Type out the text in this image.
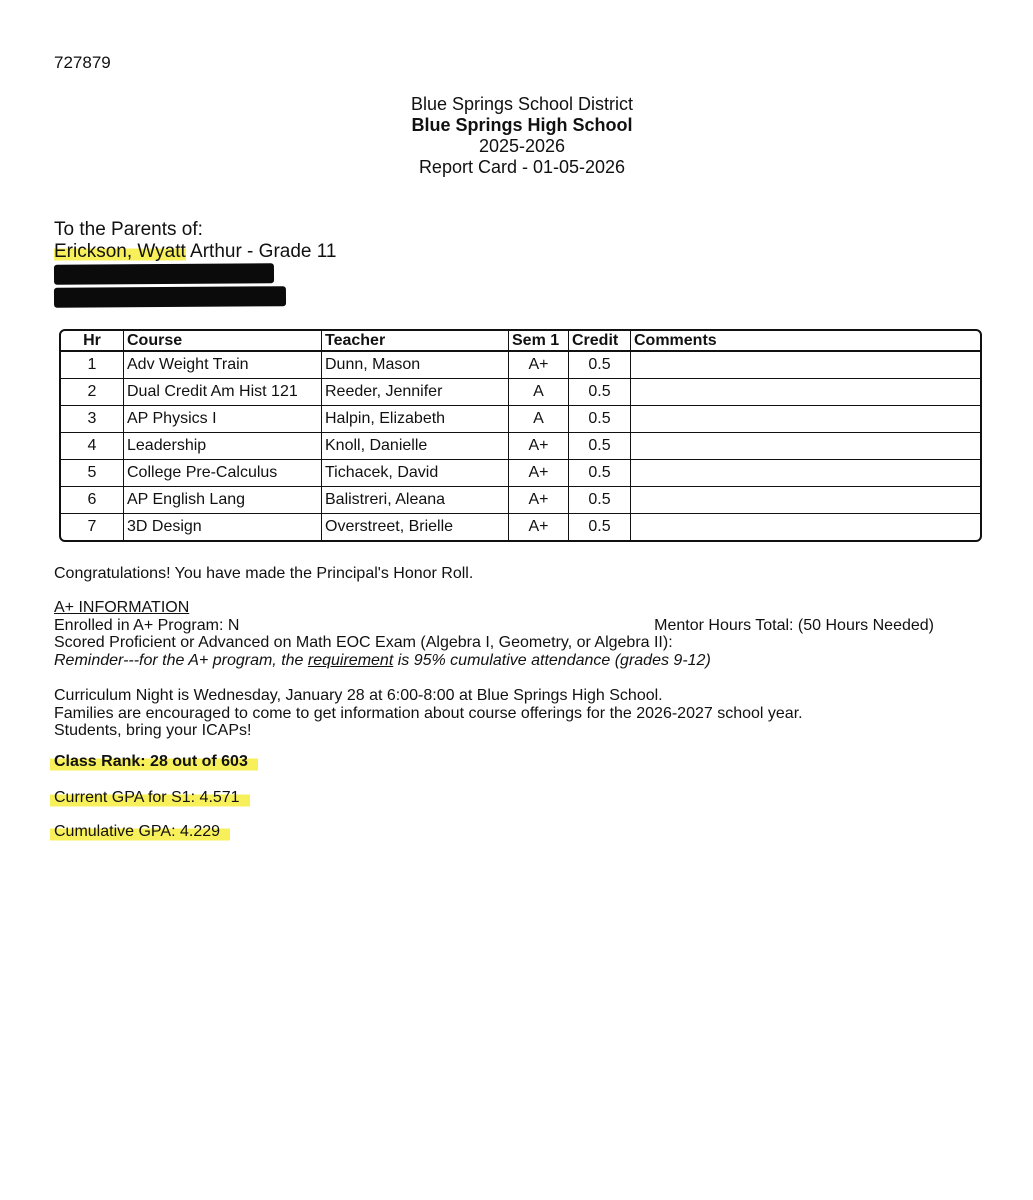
727879
Blue Springs School District
Blue Springs High School
2025-2026
Report Card - 01-05-2026
To the Parents of:
Erickson, Wyatt Arthur - Grade 11
Hr	Course	Teacher	Sem 1	Credit	Comments
1	Adv Weight Train	Dunn, Mason	A+	0.5	
2	Dual Credit Am Hist 121	Reeder, Jennifer	A	0.5	
3	AP Physics I	Halpin, Elizabeth	A	0.5	
4	Leadership	Knoll, Danielle	A+	0.5	
5	College Pre-Calculus	Tichacek, David	A+	0.5	
6	AP English Lang	Balistreri, Aleana	A+	0.5	
7	3D Design	Overstreet, Brielle	A+	0.5	
Congratulations! You have made the Principal's Honor Roll.
A+ INFORMATION
Enrolled in A+ Program: N	Mentor Hours Total: (50 Hours Needed)
Scored Proficient or Advanced on Math EOC Exam (Algebra I, Geometry, or Algebra II):
Reminder---for the A+ program, the requirement is 95% cumulative attendance (grades 9-12)
Curriculum Night is Wednesday, January 28 at 6:00-8:00 at Blue Springs High School.
Families are encouraged to come to get information about course offerings for the 2026-2027 school year.
Students, bring your ICAPs!
Class Rank: 28 out of 603
Current GPA for S1: 4.571
Cumulative GPA: 4.229
